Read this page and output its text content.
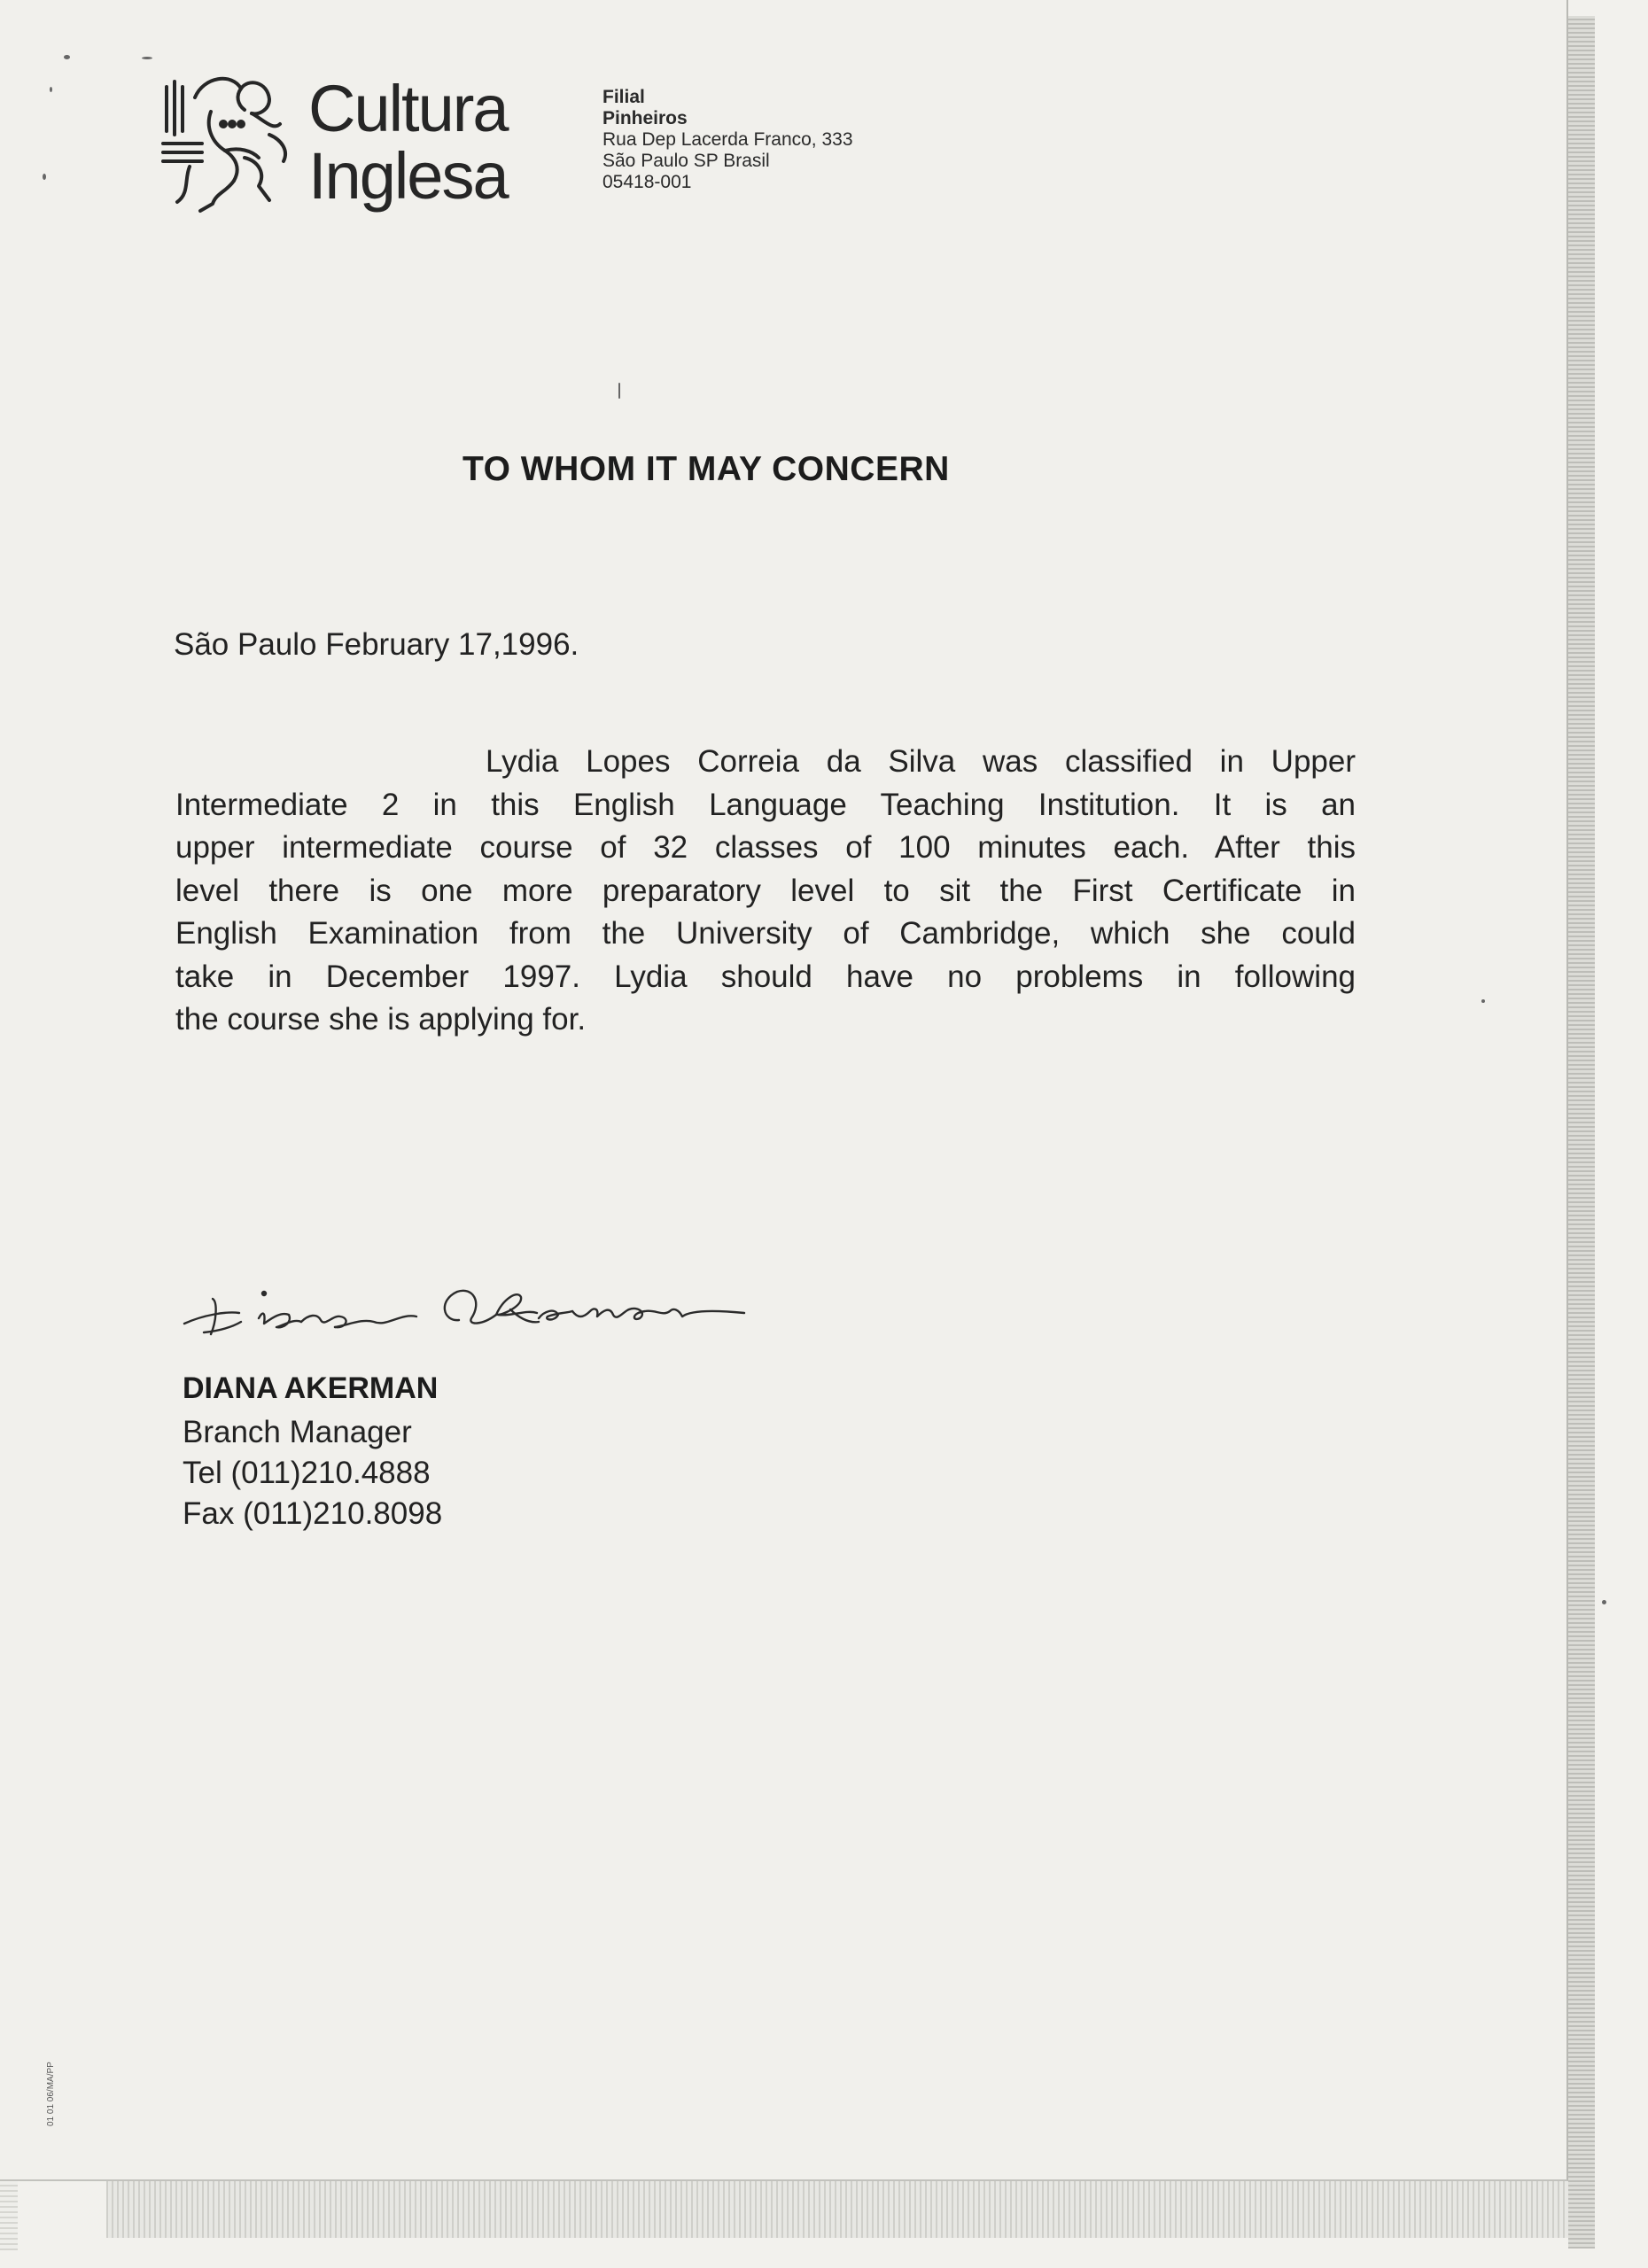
Cultura
Inglesa
Filial
Pinheiros
Rua Dep Lacerda Franco, 333
São Paulo SP Brasil
05418-001
TO WHOM IT MAY CONCERN
São Paulo February 17,1996.
Lydia Lopes Correia da Silva was classified in Upper
Intermediate 2 in this English Language Teaching Institution. It is an
upper intermediate course of 32 classes of 100 minutes each. After this
level there is one more preparatory level to sit the First Certificate in
English Examination from the University of Cambridge, which she could
take in December 1997. Lydia should have no problems in following
the course she is applying for.
DIANA AKERMAN
Branch Manager
Tel (011)210.4888
Fax (011)210.8098
01 01 06/MA/PP
